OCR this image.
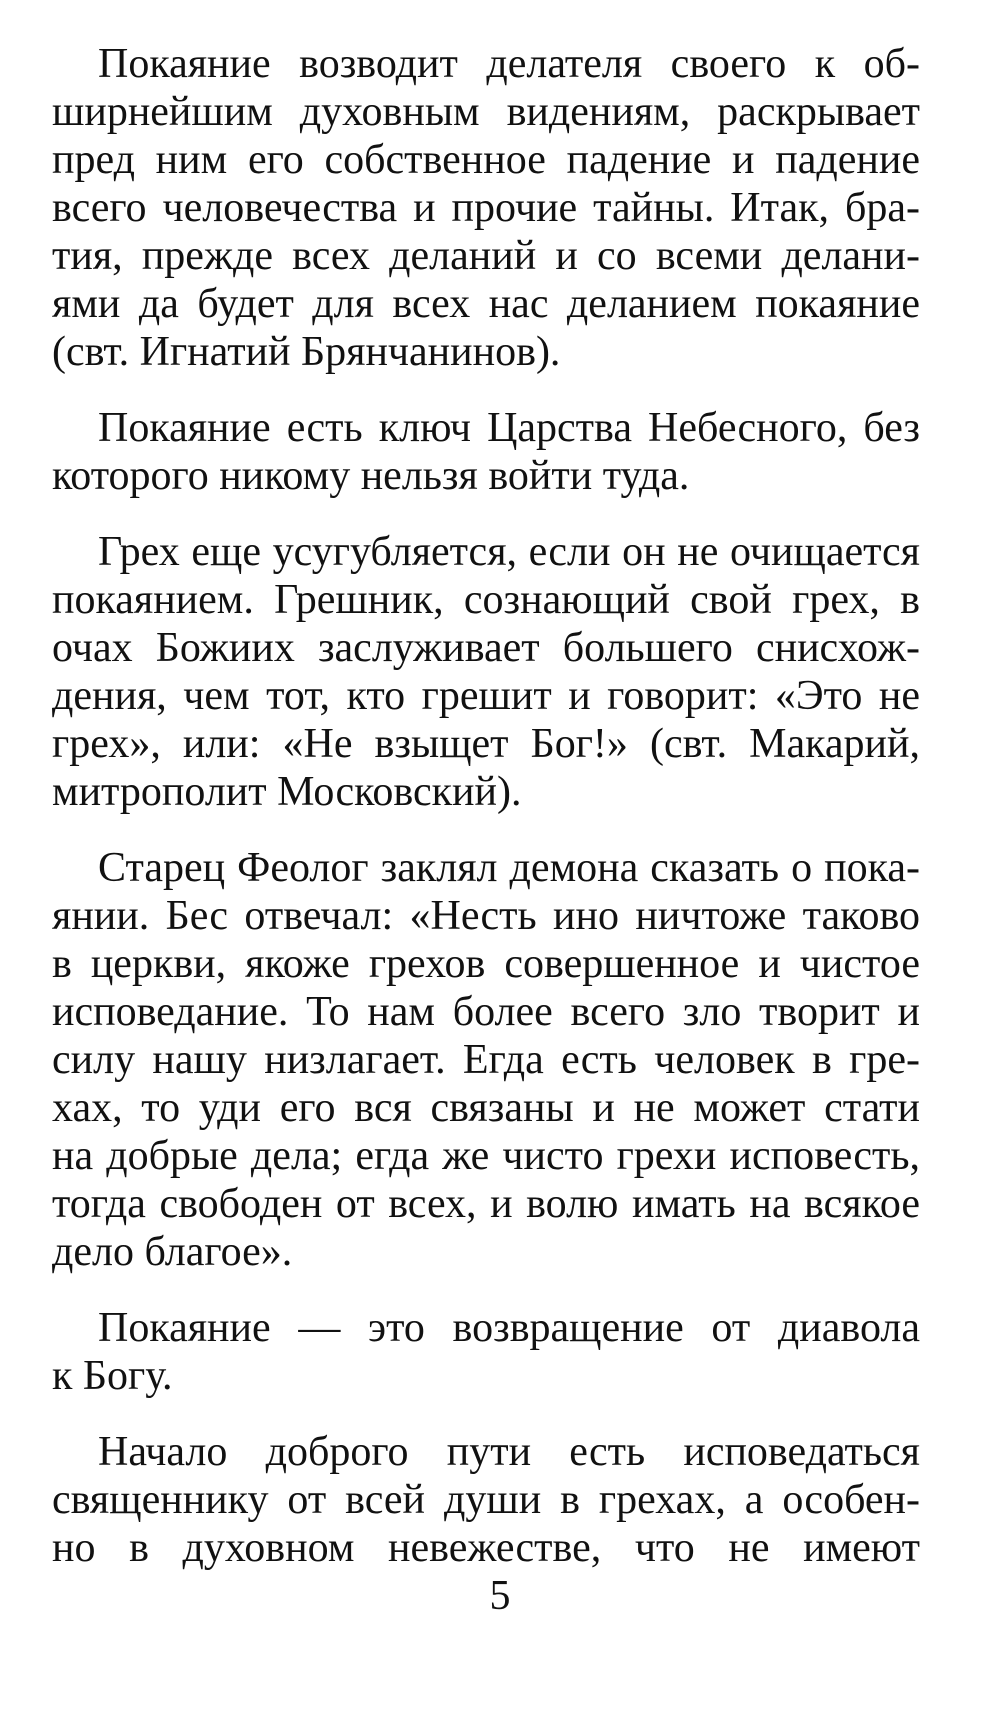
Покаяние возводит делателя своего к об-
ширнейшим духовным видениям, раскрывает
пред ним его собственное падение и падение
всего человечества и прочие тайны. Итак, бра-
тия, прежде всех деланий и со всеми делани-
ями да будет для всех нас деланием покаяние
(свт. Игнатий Брянчанинов).
Покаяние есть ключ Царства Небесного, без
которого никому нельзя войти туда.
Грех еще усугубляется, если он не очищается
покаянием. Грешник, сознающий свой грех, в
очах Божиих заслуживает большего снисхож-
дения, чем тот, кто грешит и говорит: «Это не
грех», или: «Не взыщет Бог!» (свт. Макарий,
митрополит Московский).
Старец Феолог заклял демона сказать о пока-
янии. Бес отвечал: «Несть ино ничтоже таково
в церкви, якоже грехов совершенное и чистое
исповедание. То нам более всего зло творит и
силу нашу низлагает. Егда есть человек в гре-
хах, то уди его вся связаны и не может стати
на добрые дела; егда же чисто грехи исповесть,
тогда свободен от всех, и волю имать на всякое
дело благое».
Покаяние — это возвращение от диавола
к Богу.
Начало доброго пути есть исповедаться
священнику от всей души в грехах, а особен-
но в духовном невежестве, что не имеют
5
